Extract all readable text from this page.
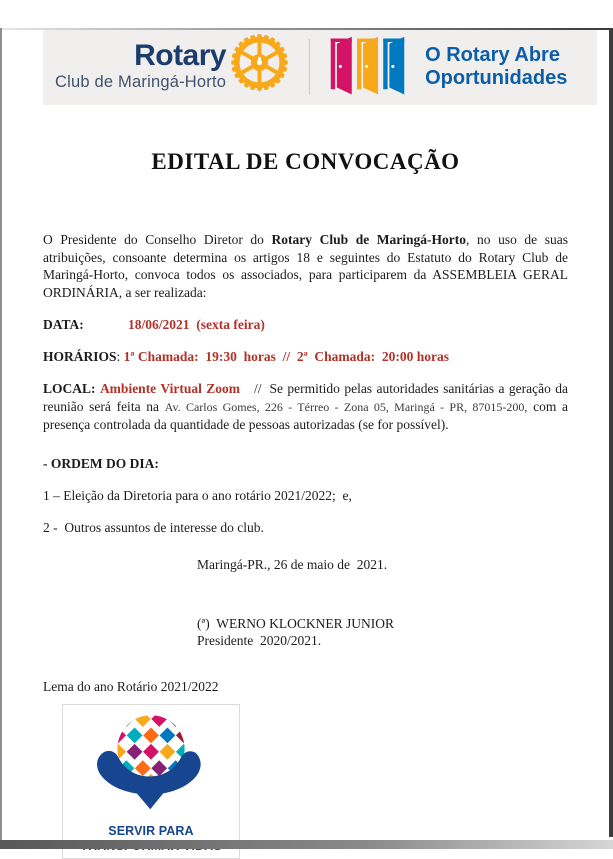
Rotary
Club de Maringá-Horto
O Rotary Abre
Oportunidades
EDITAL DE CONVOCAÇÃO

O Presidente do Conselho Diretor do Rotary Club de Maringá-Horto, no uso de suas atribuições, consoante determina os artigos 18 e seguintes do Estatuto do Rotary Club de Maringá-Horto, convoca todos os associados, para participarem da ASSEMBLEIA GERAL ORDINÁRIA, a ser realizada:

DATA:	18/06/2021  (sexta feira)
HORÁRIOS: 1ª Chamada:  19:30  horas  //  2ª  Chamada:  20:00 horas

LOCAL: Ambiente Virtual Zoom // Se permitido pelas autoridades sanitárias a geração da reunião será feita na Av. Carlos Gomes, 226 - Térreo - Zona 05, Maringá - PR, 87015-200, com a presença controlada da quantidade de pessoas autorizadas (se for possível).

- ORDEM DO DIA:
1 – Eleição da Diretoria para o ano rotário 2021/2022;  e,
2 -  Outros assuntos de interesse do club.
Maringá-PR., 26 de maio de  2021.
(ª)  WERNO KLOCKNER JUNIOR
Presidente  2020/2021.
Lema do ano Rotário 2021/2022
SERVIR PARA
